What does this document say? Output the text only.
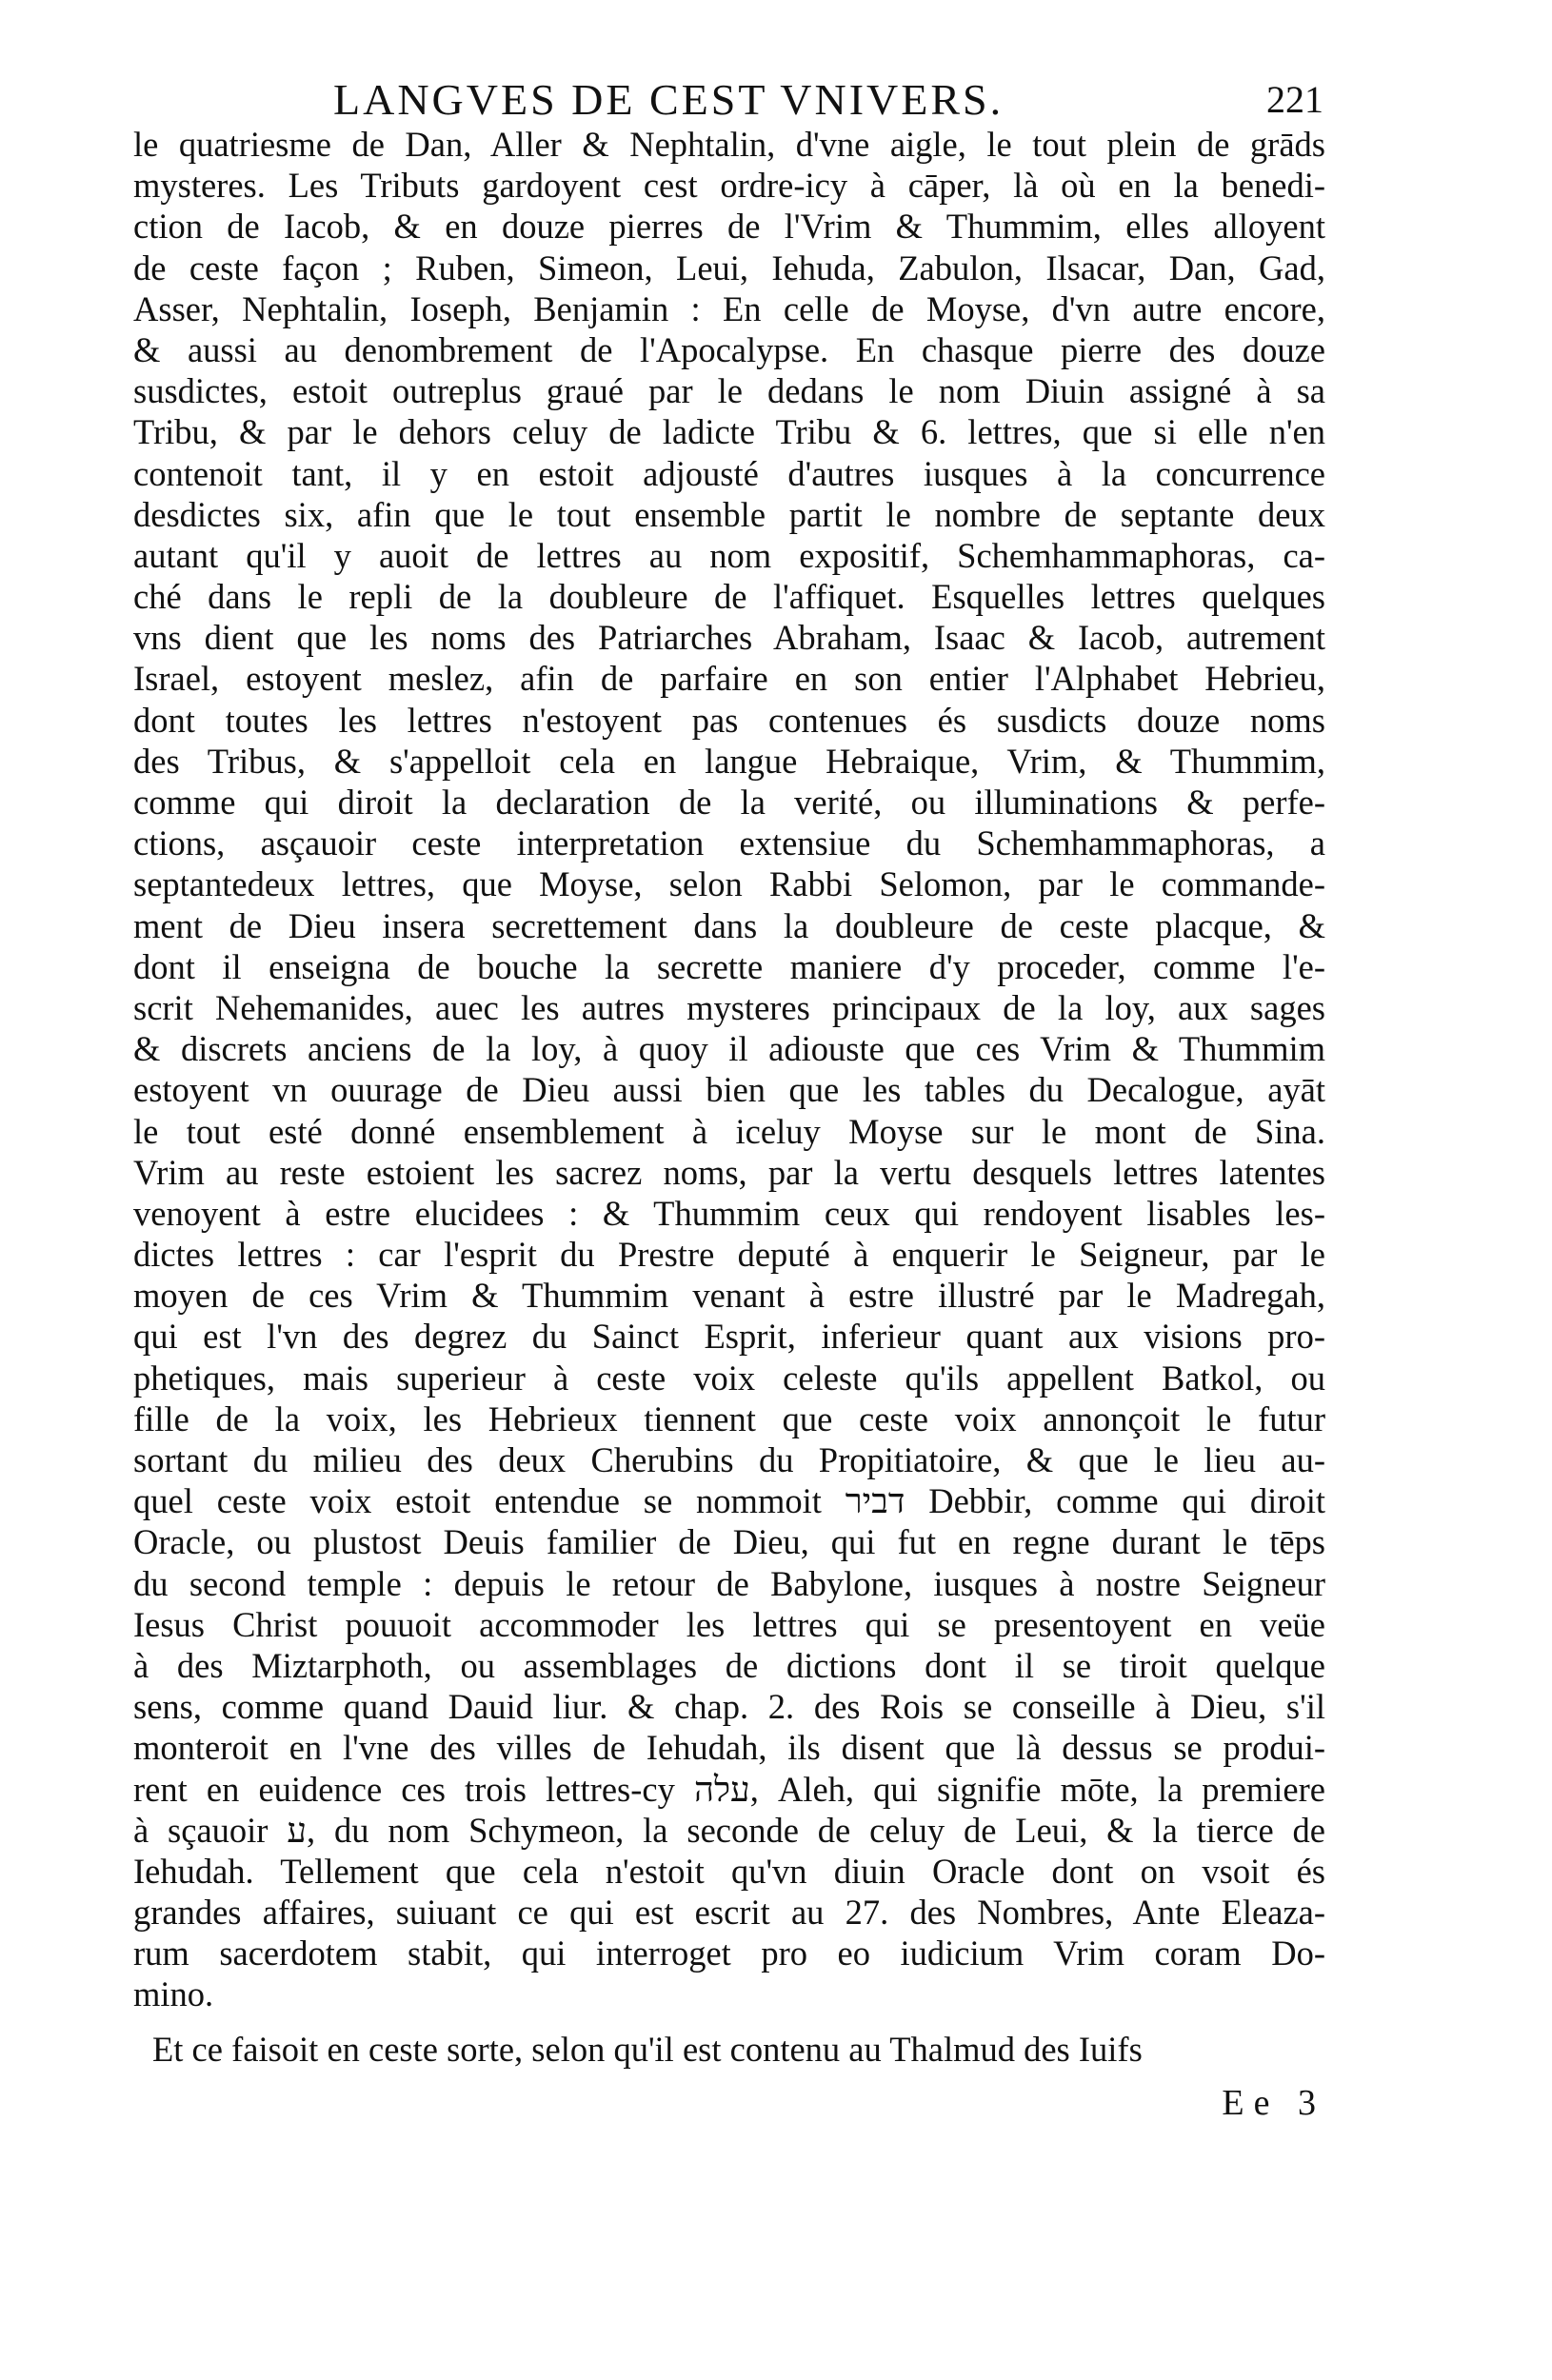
LANGVES DE CEST VNIVERS.	221
le quatriesme de Dan, Aller & Nephtalin, d'vne aigle, le tout plein de grāds
mysteres. Les Tributs gardoyent cest ordre-icy à cāper, là où en la benedi-
ction de Iacob, & en douze pierres de l'Vrim & Thummim, elles alloyent
de ceste façon ; Ruben, Simeon, Leui, Iehuda, Zabulon, Ilsacar, Dan, Gad,
Asser, Nephtalin, Ioseph, Benjamin : En celle de Moyse, d'vn autre encore,
& aussi au denombrement de l'Apocalypse. En chasque pierre des douze
susdictes, estoit outreplus graué par le dedans le nom Diuin assigné à sa
Tribu, & par le dehors celuy de ladicte Tribu & 6. lettres, que si elle n'en
contenoit tant, il y en estoit adjousté d'autres iusques à la concurrence
desdictes six, afin que le tout ensemble partit le nombre de septante deux
autant qu'il y auoit de lettres au nom expositif, Schemhammaphoras, ca-
ché dans le repli de la doubleure de l'affiquet. Esquelles lettres quelques
vns dient que les noms des Patriarches Abraham, Isaac & Iacob, autrement
Israel, estoyent meslez, afin de parfaire en son entier l'Alphabet Hebrieu,
dont toutes les lettres n'estoyent pas contenues és susdicts douze noms
des Tribus, & s'appelloit cela en langue Hebraique, Vrim, & Thummim,
comme qui diroit la declaration de la verité, ou illuminations & perfe-
ctions, asçauoir ceste interpretation extensiue du Schemhammaphoras, a
septantedeux lettres, que Moyse, selon Rabbi Selomon, par le commande-
ment de Dieu insera secrettement dans la doubleure de ceste placque, &
dont il enseigna de bouche la secrette maniere d'y proceder, comme l'e-
scrit Nehemanides, auec les autres mysteres principaux de la loy, aux sages
& discrets anciens de la loy, à quoy il adiouste que ces Vrim & Thummim
estoyent vn ouurage de Dieu aussi bien que les tables du Decalogue, ayāt
le tout esté donné ensemblement à iceluy Moyse sur le mont de Sina.
Vrim au reste estoient les sacrez noms, par la vertu desquels lettres latentes
venoyent à estre elucidees : & Thummim ceux qui rendoyent lisables les-
dictes lettres : car l'esprit du Prestre deputé à enquerir le Seigneur, par le
moyen de ces Vrim & Thummim venant à estre illustré par le Madregah,
qui est l'vn des degrez du Sainct Esprit, inferieur quant aux visions pro-
phetiques, mais superieur à ceste voix celeste qu'ils appellent Batkol, ou
fille de la voix, les Hebrieux tiennent que ceste voix annonçoit le futur
sortant du milieu des deux Cherubins du Propitiatoire, & que le lieu au-
quel ceste voix estoit entendue se nommoit דביר Debbir, comme qui diroit
Oracle, ou plustost Deuis familier de Dieu, qui fut en regne durant le tēps
du second temple : depuis le retour de Babylone, iusques à nostre Seigneur
Iesus Christ pouuoit accommoder les lettres qui se presentoyent en veüe
à des Miztarphoth, ou assemblages de dictions dont il se tiroit quelque
sens, comme quand Dauid liur. & chap. 2. des Rois se conseille à Dieu, s'il
monteroit en l'vne des villes de Iehudah, ils disent que là dessus se produi-
rent en euidence ces trois lettres-cy עלה, Aleh, qui signifie mōte, la premiere
à sçauoir ע, du nom Schymeon, la seconde de celuy de Leui, & la tierce de
Iehudah. Tellement que cela n'estoit qu'vn diuin Oracle dont on vsoit és
grandes affaires, suiuant ce qui est escrit au 27. des Nombres, Ante Eleaza-
rum sacerdotem stabit, qui interroget pro eo iudicium Vrim coram Do-
mino.
Et ce faisoit en ceste sorte, selon qu'il est contenu au Thalmud des Iuifs
Ee 3
